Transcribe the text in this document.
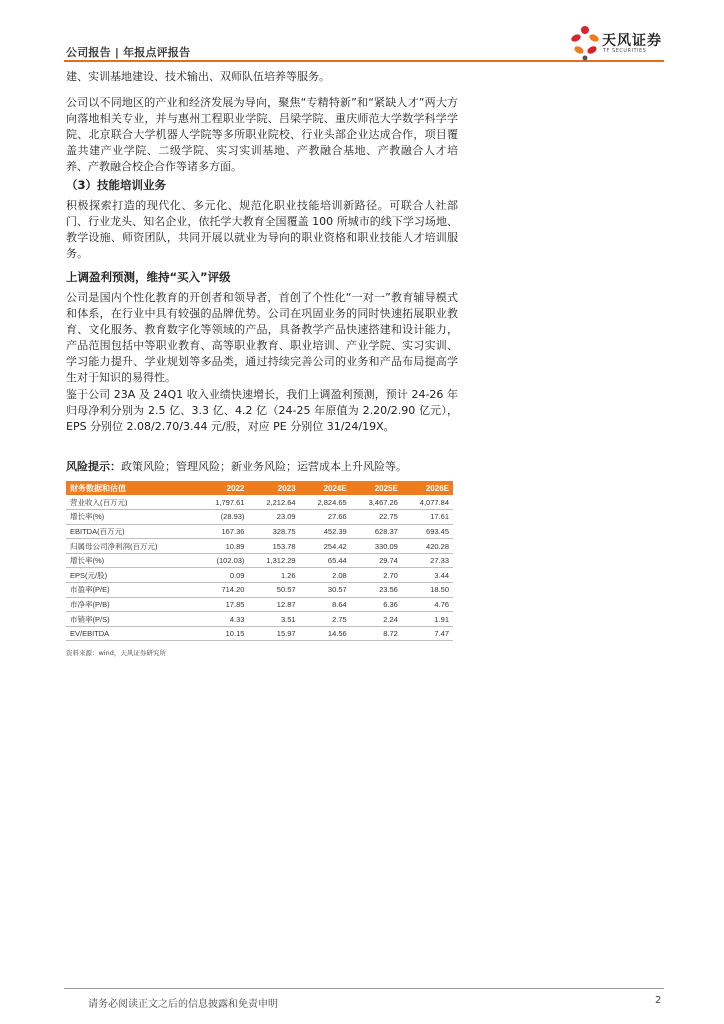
公司报告 | 年报点评报告
天风证券
TF SECURITIES
建、实训基地建设、技术输出、双师队伍培养等服务。
公司以不同地区的产业和经济发展为导向，聚焦“专精特新”和“紧缺人才”两大方向落地相关专业，并与惠州工程职业学院、吕梁学院、重庆师范大学数学科学学院、北京联合大学机器人学院等多所职业院校、行业头部企业达成合作，项目覆盖共建产业学院、二级学院、实习实训基地、产教融合基地、产教融合人才培养、产教融合校企合作等诸多方面。
（3）技能培训业务
积极探索打造的现代化、多元化、规范化职业技能培训新路径。可联合人社部门、行业龙头、知名企业，依托学大教育全国覆盖 100 所城市的线下学习场地、教学设施、师资团队，共同开展以就业为导向的职业资格和职业技能人才培训服务。
上调盈利预测，维持“买入”评级
公司是国内个性化教育的开创者和领导者，首创了个性化“一对一”教育辅导模式和体系，在行业中具有较强的品牌优势。公司在巩固业务的同时快速拓展职业教育、文化服务、教育数字化等领域的产品，具备教学产品快速搭建和设计能力，产品范围包括中等职业教育、高等职业教育、职业培训、产业学院、实习实训、学习能力提升、学业规划等多品类，通过持续完善公司的业务和产品布局提高学生对于知识的易得性。
鉴于公司 23A 及 24Q1 收入业绩快速增长，我们上调盈利预测，预计 24-26 年归母净利分别为 2.5 亿、3.3 亿、4.2 亿（24-25 年原值为 2.20/2.90 亿元），EPS 分别位 2.08/2.70/3.44 元/股，对应 PE 分别位 31/24/19X。
风险提示：政策风险；管理风险；新业务风险；运营成本上升风险等。
财务数据和估值	2022	2023	2024E	2025E	2026E
营业收入(百万元)	1,797.61	2,212.64	2,824.65	3,467.26	4,077.84
增长率(%)	(28.93)	23.09	27.66	22.75	17.61
EBITDA(百万元)	167.36	328.75	452.39	628.37	693.45
归属母公司净利润(百万元)	10.89	153.78	254.42	330.09	420.28
增长率(%)	(102.03)	1,312.29	65.44	29.74	27.33
EPS(元/股)	0.09	1.26	2.08	2.70	3.44
市盈率(P/E)	714.20	50.57	30.57	23.56	18.50
市净率(P/B)	17.85	12.87	8.64	6.36	4.76
市销率(P/S)	4.33	3.51	2.75	2.24	1.91
EV/EBITDA	10.15	15.97	14.56	8.72	7.47
资料来源：wind，天风证券研究所
请务必阅读正文之后的信息披露和免责申明	2
